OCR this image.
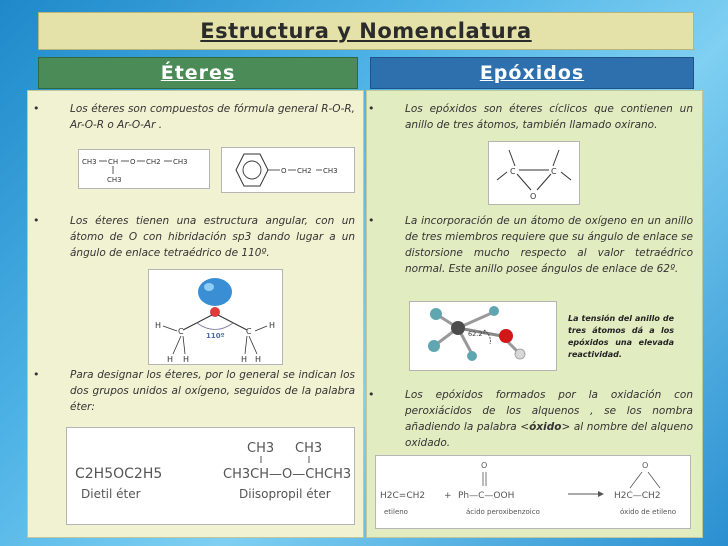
Estructura y Nomenclatura
Éteres	Epóxidos
•	Los éteres son compuestos de fórmula general R-O-R, Ar-O-R o Ar-O-Ar .

CH3 CH O CH2 CH3
CH3
O CH2 CH3
•	Los éteres tienen una estructura angular, con un átomo de O con hibridación sp3 dando lugar a un ángulo de enlace tetraédrico de 110º.

110º
C	C
H
H H
H
H H
•	Para designar los éteres, por lo general se indican los dos grupos unidos al oxígeno, seguidos de la palabra éter:

C2H5OC2H5
Dietil éter
CH3 CH3
CH3CH—O—CHCH3
Diisopropil éter
•	Los epóxidos son éteres cíclicos que contienen un anillo de tres átomos, también llamado oxirano.

C	C
O
•	La incorporación de un átomo de oxígeno en un anillo de tres miembros requiere que su ángulo de enlace se distorsione mucho respecto al valor tetraédrico normal. Este anillo posee ángulos de enlace de 62º.

62.2°
La tensión del anillo de tres átomos dá a los epóxidos una elevada reactividad.
•	Los epóxidos formados por la oxidación con peroxiácidos de los alquenos , se los nombra añadiendo la palabra <óxido> al nombre del alqueno oxidado.

H2C=CH2
etileno
+
O
Ph—C—OOH
ácido peroxibenzoico
O
H2C—CH2
óxido de etileno
